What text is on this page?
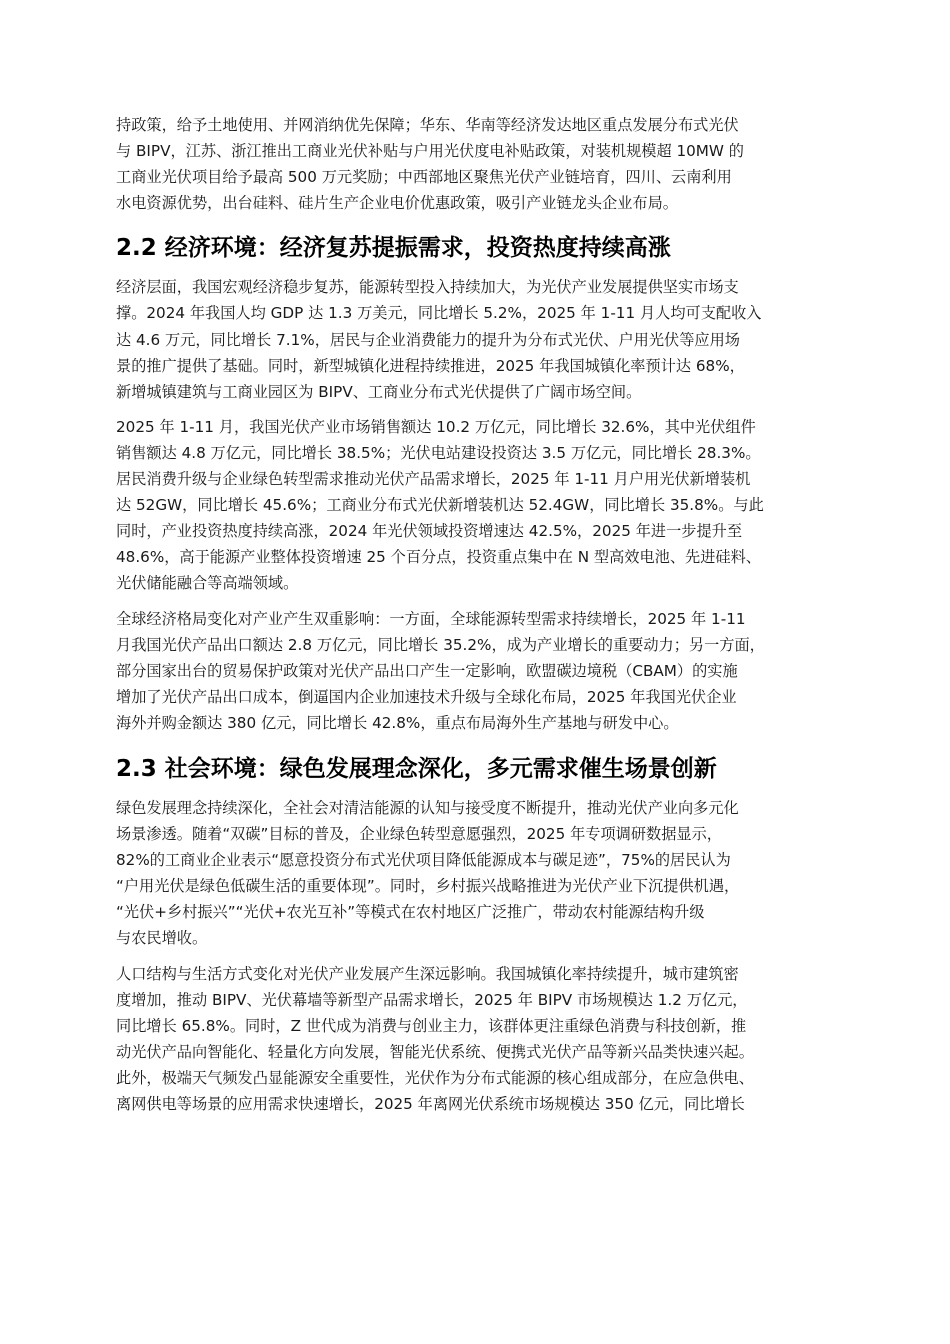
持政策，给予土地使用、并网消纳优先保障；华东、华南等经济发达地区重点发展分布式光伏
与 BIPV，江苏、浙江推出工商业光伏补贴与户用光伏度电补贴政策，对装机规模超 10MW 的
工商业光伏项目给予最高 500 万元奖励；中西部地区聚焦光伏产业链培育，四川、云南利用
水电资源优势，出台硅料、硅片生产企业电价优惠政策，吸引产业链龙头企业布局。
2.2 经济环境：经济复苏提振需求，投资热度持续高涨
经济层面，我国宏观经济稳步复苏，能源转型投入持续加大，为光伏产业发展提供坚实市场支
撑。2024 年我国人均 GDP 达 1.3 万美元，同比增长 5.2%，2025 年 1-11 月人均可支配收入
达 4.6 万元，同比增长 7.1%，居民与企业消费能力的提升为分布式光伏、户用光伏等应用场
景的推广提供了基础。同时，新型城镇化进程持续推进，2025 年我国城镇化率预计达 68%，
新增城镇建筑与工商业园区为 BIPV、工商业分布式光伏提供了广阔市场空间。
2025 年 1-11 月，我国光伏产业市场销售额达 10.2 万亿元，同比增长 32.6%，其中光伏组件
销售额达 4.8 万亿元，同比增长 38.5%；光伏电站建设投资达 3.5 万亿元，同比增长 28.3%。
居民消费升级与企业绿色转型需求推动光伏产品需求增长，2025 年 1-11 月户用光伏新增装机
达 52GW，同比增长 45.6%；工商业分布式光伏新增装机达 52.4GW，同比增长 35.8%。与此
同时，产业投资热度持续高涨，2024 年光伏领域投资增速达 42.5%，2025 年进一步提升至
48.6%，高于能源产业整体投资增速 25 个百分点，投资重点集中在 N 型高效电池、先进硅料、
光伏储能融合等高端领域。
全球经济格局变化对产业产生双重影响：一方面，全球能源转型需求持续增长，2025 年 1-11
月我国光伏产品出口额达 2.8 万亿元，同比增长 35.2%，成为产业增长的重要动力；另一方面，
部分国家出台的贸易保护政策对光伏产品出口产生一定影响，欧盟碳边境税（CBAM）的实施
增加了光伏产品出口成本，倒逼国内企业加速技术升级与全球化布局，2025 年我国光伏企业
海外并购金额达 380 亿元，同比增长 42.8%，重点布局海外生产基地与研发中心。
2.3 社会环境：绿色发展理念深化，多元需求催生场景创新
绿色发展理念持续深化，全社会对清洁能源的认知与接受度不断提升，推动光伏产业向多元化
场景渗透。随着“双碳”目标的普及，企业绿色转型意愿强烈，2025 年专项调研数据显示，
82%的工商业企业表示“愿意投资分布式光伏项目降低能源成本与碳足迹”，75%的居民认为
“户用光伏是绿色低碳生活的重要体现”。同时，乡村振兴战略推进为光伏产业下沉提供机遇，
“光伏+乡村振兴”“光伏+农光互补”等模式在农村地区广泛推广，带动农村能源结构升级
与农民增收。
人口结构与生活方式变化对光伏产业发展产生深远影响。我国城镇化率持续提升，城市建筑密
度增加，推动 BIPV、光伏幕墙等新型产品需求增长，2025 年 BIPV 市场规模达 1.2 万亿元，
同比增长 65.8%。同时，Z 世代成为消费与创业主力，该群体更注重绿色消费与科技创新，推
动光伏产品向智能化、轻量化方向发展，智能光伏系统、便携式光伏产品等新兴品类快速兴起。
此外，极端天气频发凸显能源安全重要性，光伏作为分布式能源的核心组成部分，在应急供电、
离网供电等场景的应用需求快速增长，2025 年离网光伏系统市场规模达 350 亿元，同比增长
